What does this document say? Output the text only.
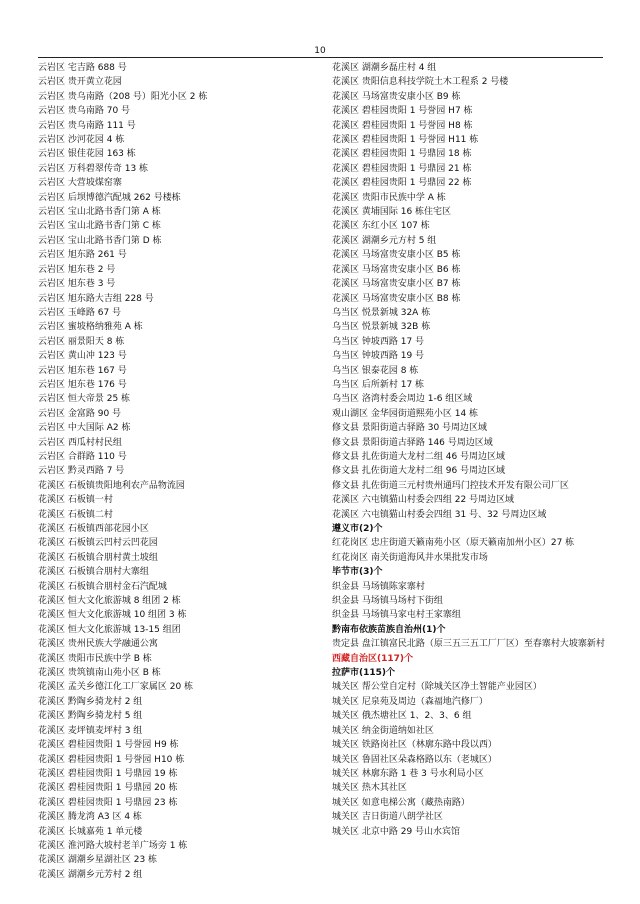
10
云岩区 宅吉路 688 号
云岩区 贵开黄立花园
云岩区 贵乌南路（208 号）阳光小区 2 栋
云岩区 贵乌南路 70 号
云岩区 贵乌南路 111 号
云岩区 沙河花园 4 栋
云岩区 银佳花园 163 栋
云岩区 万科碧翠传奇 13 栋
云岩区 大营坡煤窑寨
云岩区 后坝博德汽配城 262 号楼栋
云岩区 宝山北路书香门第 A 栋
云岩区 宝山北路书香门第 C 栋
云岩区 宝山北路书香门第 D 栋
云岩区 旭东路 261 号
云岩区 旭东巷 2 号
云岩区 旭东巷 3 号
云岩区 旭东路大吉组 228 号
云岩区 玉峰路 67 号
云岩区 蜜坡格纳雅苑 A 栋
云岩区 丽景阳天 8 栋
云岩区 黄山冲 123 号
云岩区 旭东巷 167 号
云岩区 旭东巷 176 号
云岩区 恒大帝景 25 栋
云岩区 金富路 90 号
云岩区 中大国际 A2 栋
云岩区 西瓜村村民组
云岩区 合群路 110 号
云岩区 黔灵西路 7 号
花溪区 石板镇贵阳地利农产品物流园
花溪区 石板镇一村
花溪区 石板镇二村
花溪区 石板镇西部花园小区
花溪区 石板镇云凹村云凹花园
花溪区 石板镇合朋村黄土坡组
花溪区 石板镇合朋村大寨组
花溪区 石板镇合朋村金石汽配城
花溪区 恒大文化旅游城 8 组团 2 栋
花溪区 恒大文化旅游城 10 组团 3 栋
花溪区 恒大文化旅游城 13-15 组团
花溪区 贵州民族大学融通公寓
花溪区 贵阳市民族中学 B 栋
花溪区 贵筑镇南山苑小区 B 栋
花溪区 孟关乡德江化工厂家属区 20 栋
花溪区 黔陶乡骑龙村 2 组
花溪区 黔陶乡骑龙村 5 组
花溪区 麦坪镇麦坪村 3 组
花溪区 碧桂园贵阳 1 号誉园 H9 栋
花溪区 碧桂园贵阳 1 号誉园 H10 栋
花溪区 碧桂园贵阳 1 号鼎园 19 栋
花溪区 碧桂园贵阳 1 号鼎园 20 栋
花溪区 碧桂园贵阳 1 号鼎园 23 栋
花溪区 腾龙湾 A3 区 4 栋
花溪区 长城嘉苑 1 单元楼
花溪区 淮河路大坡村老羊广场旁 1 栋
花溪区 湖潮乡星湖社区 23 栋
花溪区 湖潮乡元芳村 2 组
花溪区 湖潮乡磊庄村 4 组
花溪区 贵阳信息科技学院土木工程系 2 号楼
花溪区 马场富贵安康小区 B9 栋
花溪区 碧桂园贵阳 1 号誉园 H7 栋
花溪区 碧桂园贵阳 1 号誉园 H8 栋
花溪区 碧桂园贵阳 1 号誉园 H11 栋
花溪区 碧桂园贵阳 1 号鼎园 18 栋
花溪区 碧桂园贵阳 1 号鼎园 21 栋
花溪区 碧桂园贵阳 1 号鼎园 22 栋
花溪区 贵阳市民族中学 A 栋
花溪区 黄埔国际 16 栋住宅区
花溪区 东红小区 107 栋
花溪区 湖潮乡元方村 5 组
花溪区 马场富贵安康小区 B5 栋
花溪区 马场富贵安康小区 B6 栋
花溪区 马场富贵安康小区 B7 栋
花溪区 马场富贵安康小区 B8 栋
乌当区 悦景新城 32A 栋
乌当区 悦景新城 32B 栋
乌当区 钟坡西路 17 号
乌当区 钟坡西路 19 号
乌当区 银泰花园 8 栋
乌当区 后所新村 17 栋
乌当区 洛湾村委会周边 1-6 组区域
观山湖区 金华园街道熙苑小区 14 栋
修文县 景阳街道古驿路 30 号周边区域
修文县 景阳街道古驿路 146 号周边区域
修文县 扎佐街道大龙村二组 46 号周边区域
修文县 扎佐街道大龙村二组 96 号周边区域
修文县 扎佐街道三元村贵州通玛门控技术开发有限公司厂区
花溪区 六屯镇猫山村委会四组 22 号周边区域
花溪区 六屯镇猫山村委会四组 31 号、32 号周边区域
遵义市(2)个
红花岗区 忠庄街道天籁南苑小区（原天籁南加州小区）27 栋
红花岗区 南关街道海风井水果批发市场
毕节市(3)个
织金县 马场镇陈家寨村
织金县 马场镇马场村下街组
织金县 马场镇马家屯村王家寨组
黔南布依族苗族自治州(1)个
贵定县 盘江镇富民北路（原三五三五工厂厂区）至春寨村大坡寨新村
西藏自治区(117)个
拉萨市(115)个
城关区 帮公堂自定村（除城关区净土智能产业园区）
城关区 尼泉苑及周边（森福地汽修厂）
城关区 俄杰塘社区 1、2、3、6 组
城关区 纳金街道纳如社区
城关区 铁路岗社区（林廓东路中段以西）
城关区 鲁固社区朵森格路以东（老城区）
城关区 林廓东路 1 巷 3 号水利局小区
城关区 热木其社区
城关区 如意电梯公寓（藏热南路）
城关区 吉日街道八朗学社区
城关区 北京中路 29 号山水宾馆
